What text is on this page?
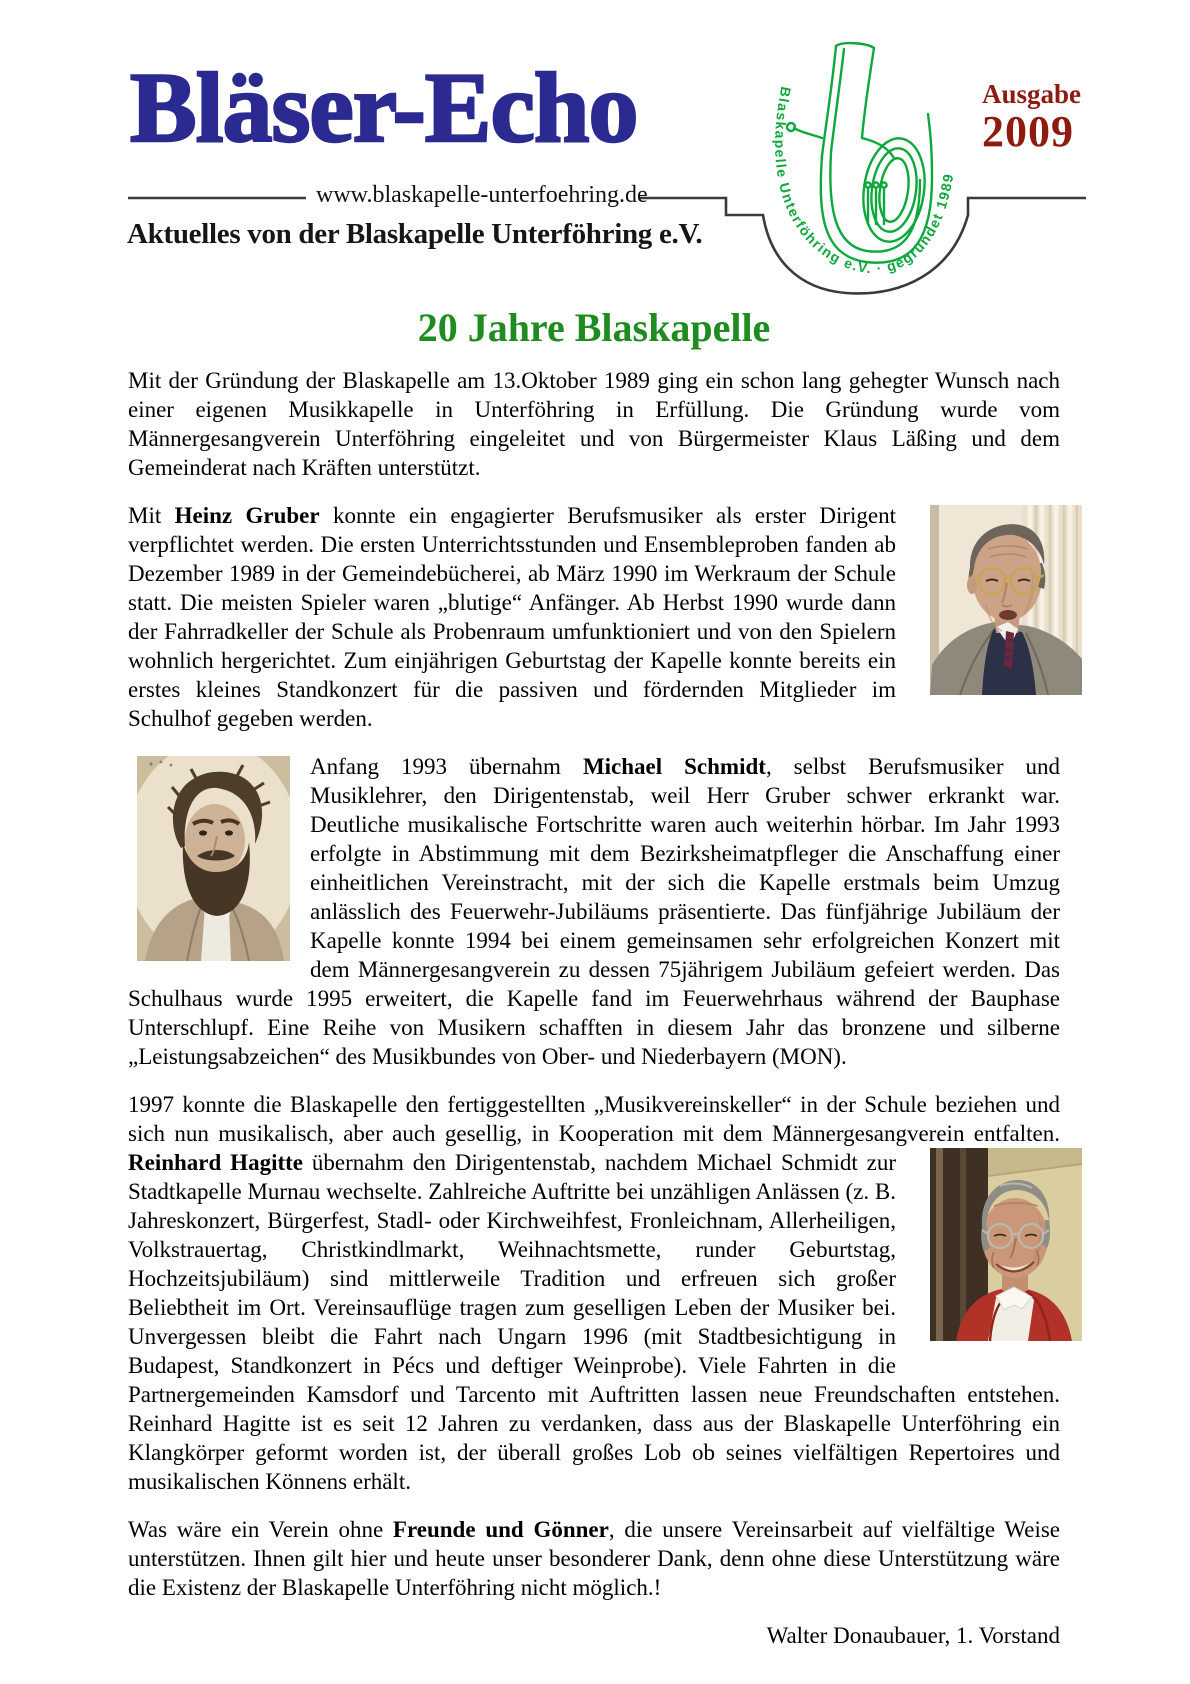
Bläser-Echo
www.blaskapelle-unterfoehring.de
Aktuelles von der Blaskapelle Unterföhring e.V.
Blaskapelle Unterföhring e.V. · gegründet 1989
Ausgabe
2009
20 Jahre Blaskapelle
Mit der Gründung der Blaskapelle am 13.Oktober 1989 ging ein schon lang gehegter Wunsch nach einer eigenen Musikkapelle in Unterföhring in Erfüllung. Die Gründung wurde vom Männergesangverein Unterföhring eingeleitet und von Bürgermeister Klaus Läßing und dem Gemeinderat nach Kräften unterstützt.
Mit Heinz Gruber konnte ein engagierter Berufsmusiker als erster Dirigent verpflichtet werden. Die ersten Unterrichtsstunden und Ensembleproben fanden ab Dezember 1989 in der Gemeindebücherei, ab März 1990 im Werkraum der Schule statt. Die meisten Spieler waren „blutige“ Anfänger. Ab Herbst 1990 wurde dann der Fahrradkeller der Schule als Probenraum umfunktioniert und von den Spielern wohnlich hergerichtet. Zum einjährigen Geburtstag der Kapelle konnte bereits ein erstes kleines Standkonzert für die passiven und fördernden Mitglieder im Schulhof gegeben werden.
Anfang 1993 übernahm Michael Schmidt, selbst Berufsmusiker und Musiklehrer, den Dirigentenstab, weil Herr Gruber schwer erkrankt war. Deutliche musikalische Fortschritte waren auch weiterhin hörbar. Im Jahr 1993 erfolgte in Abstimmung mit dem Bezirksheimatpfleger die Anschaffung einer einheitlichen Vereinstracht, mit der sich die Kapelle erstmals beim Umzug anlässlich des Feuerwehr-Jubiläums präsentierte. Das fünfjährige Jubiläum der Kapelle konnte 1994 bei einem gemeinsamen sehr erfolgreichen Konzert mit dem Männergesangverein zu dessen 75jährigem Jubiläum gefeiert werden. Das Schulhaus wurde 1995 erweitert, die Kapelle fand im Feuerwehrhaus während der Bauphase Unterschlupf. Eine Reihe von Musikern schafften in diesem Jahr das bronzene und silberne „Leistungsabzeichen“ des Musikbundes von Ober- und Niederbayern (MON).
1997 konnte die Blaskapelle den fertiggestellten „Musikvereinskeller“ in der Schule beziehen und sich nun musikalisch, aber auch gesellig, in Kooperation mit dem Männergesangverein entfalten. Reinhard Hagitte übernahm den Dirigentenstab, nachdem Michael Schmidt zur Stadtkapelle Murnau wechselte. Zahlreiche Auftritte bei unzähligen Anlässen (z. B. Jahreskonzert, Bürgerfest, Stadl- oder Kirchweihfest, Fronleichnam, Allerheiligen, Volkstrauertag, Christkindlmarkt, Weihnachtsmette, runder Geburtstag, Hochzeitsjubiläum) sind mittlerweile Tradition und erfreuen sich großer Beliebtheit im Ort. Vereinsauflüge tragen zum geselligen Leben der Musiker bei. Unvergessen bleibt die Fahrt nach Ungarn 1996 (mit Stadtbesichtigung in Budapest, Standkonzert in Pécs und deftiger Weinprobe). Viele Fahrten in die Partnergemeinden Kamsdorf und Tarcento mit Auftritten lassen neue Freundschaften entstehen. Reinhard Hagitte ist es seit 12 Jahren zu verdanken, dass aus der Blaskapelle Unterföhring ein Klangkörper geformt worden ist, der überall großes Lob ob seines vielfältigen Repertoires und musikalischen Könnens erhält.
Was wäre ein Verein ohne Freunde und Gönner, die unsere Vereinsarbeit auf vielfältige Weise unterstützen. Ihnen gilt hier und heute unser besonderer Dank, denn ohne diese Unterstützung wäre die Existenz der Blaskapelle Unterföhring nicht möglich.!
Walter Donaubauer, 1. Vorstand
